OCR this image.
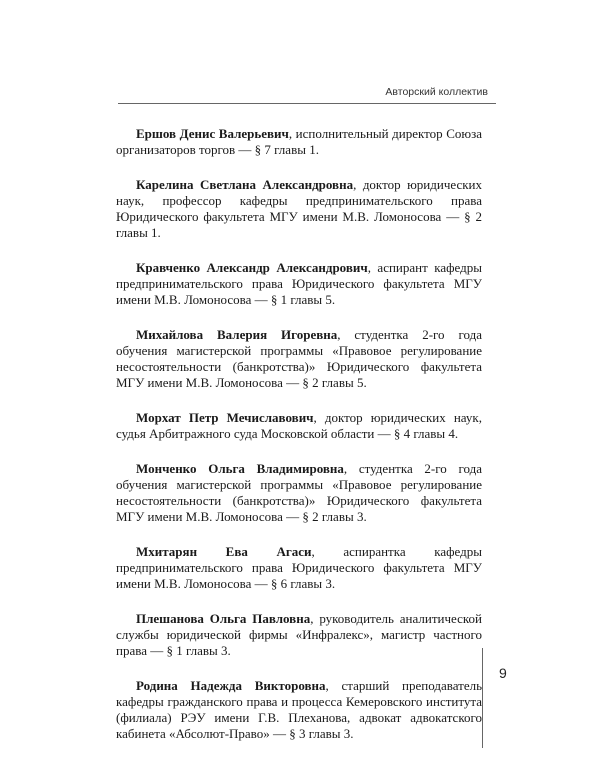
Авторский коллектив

Ершов Денис Валерьевич, исполнительный директор Союза организаторов торгов — § 7 главы 1.

Карелина Светлана Александровна, доктор юридических наук, профессор кафедры предпринимательского права Юридического факультета МГУ имени М.В. Ломоносова — § 2 главы 1.

Кравченко Александр Александрович, аспирант кафедры предпринимательского права Юридического факультета МГУ имени М.В. Ломоносова — § 1 главы 5.

Михайлова Валерия Игоревна, студентка 2-го года обучения магистерской программы «Правовое регулирование несостоятельности (банкротства)» Юридического факультета МГУ имени М.В. Ломоносова — § 2 главы 5.

Морхат Петр Мечиславович, доктор юридических наук, судья Арбитражного суда Московской области — § 4 главы 4.

Монченко Ольга Владимировна, студентка 2-го года обучения магистерской программы «Правовое регулирование несостоятельности (банкротства)» Юридического факультета МГУ имени М.В. Ломоносова — § 2 главы 3.

Мхитарян Ева Агаси, аспирантка кафедры предпринимательского права Юридического факультета МГУ имени М.В. Ломоносова — § 6 главы 3.

Плешанова Ольга Павловна, руководитель аналитической службы юридической фирмы «Инфралекс», магистр частного права — § 1 главы 3.

Родина Надежда Викторовна, старший преподаватель кафедры гражданского права и процесса Кемеровского института (филиала) РЭУ имени Г.В. Плеханова, адвокат адвокатского кабинета «Абсолют-Право» — § 3 главы 3.

9
